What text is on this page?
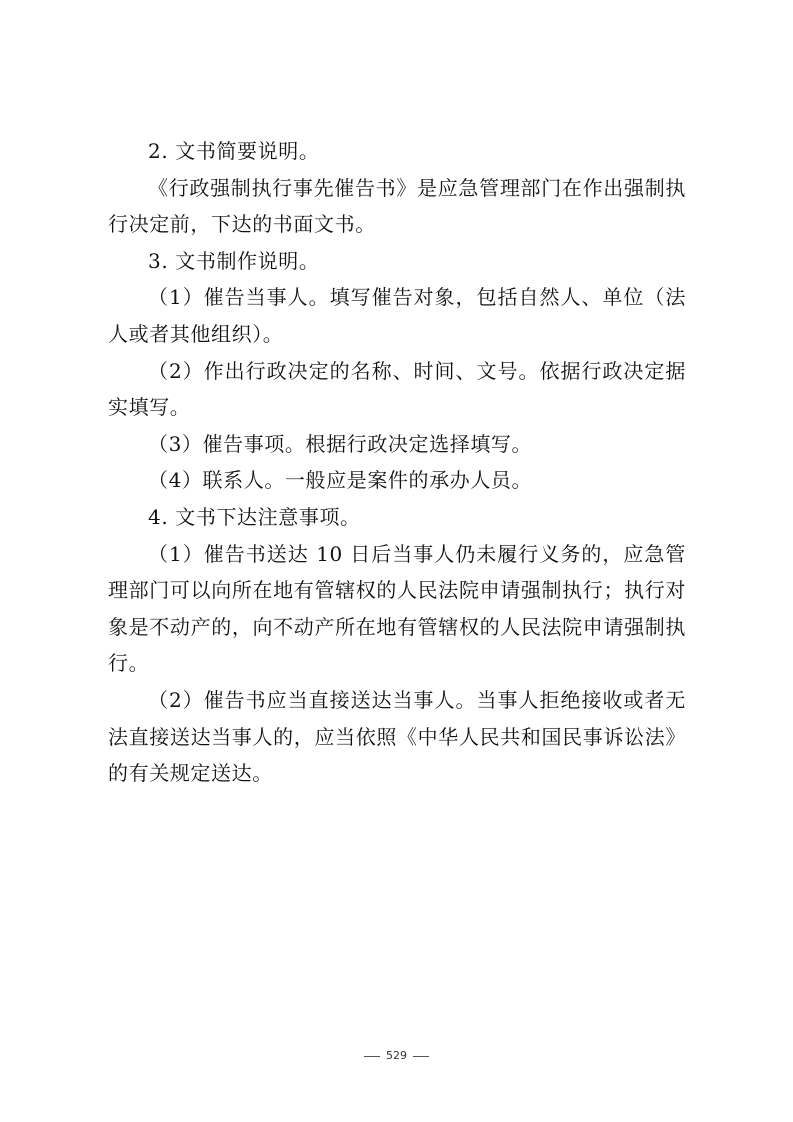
2. 文书简要说明。

《行政强制执行事先催告书》是应急管理部门在作出强制执行决定前，下达的书面文书。

3. 文书制作说明。

（1）催告当事人。填写催告对象，包括自然人、单位（法人或者其他组织）。

（2）作出行政决定的名称、时间、文号。依据行政决定据实填写。

（3）催告事项。根据行政决定选择填写。

（4）联系人。一般应是案件的承办人员。

4. 文书下达注意事项。

（1）催告书送达 10 日后当事人仍未履行义务的，应急管理部门可以向所在地有管辖权的人民法院申请强制执行；执行对象是不动产的，向不动产所在地有管辖权的人民法院申请强制执行。

（2）催告书应当直接送达当事人。当事人拒绝接收或者无法直接送达当事人的，应当依照《中华人民共和国民事诉讼法》的有关规定送达。

529
